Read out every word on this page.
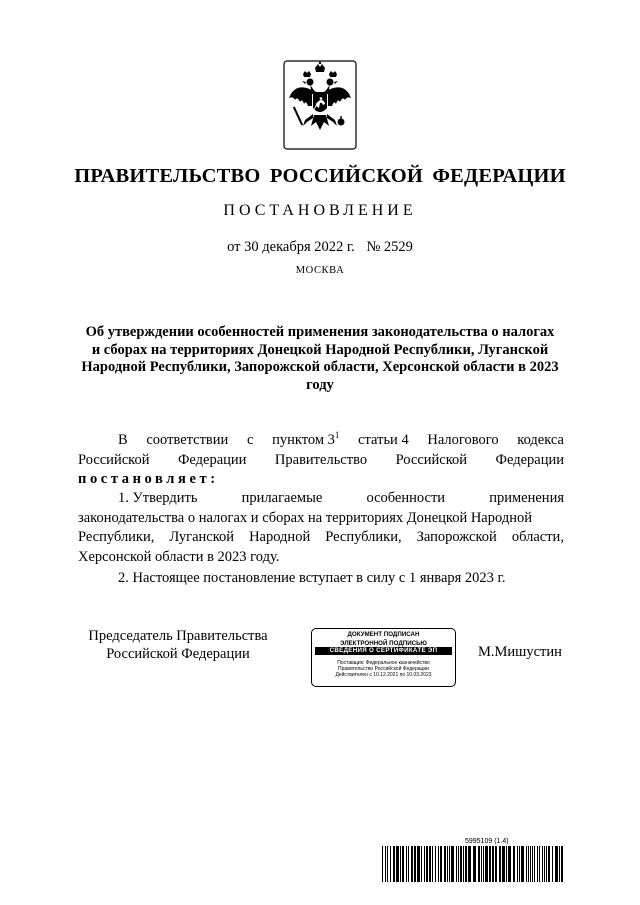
ПРАВИТЕЛЬСТВО РОССИЙСКОЙ ФЕДЕРАЦИИ
ПОСТАНОВЛЕНИЕ
от 30 декабря 2022 г. № 2529
МОСКВА
Об утверждении особенностей применения законодательства о налогах и сборах на территориях Донецкой Народной Республики, Луганской Народной Республики, Запорожской области, Херсонской области в 2023 году
В соответствии с пунктом $3^1$ статьи 4 Налогового кодекса
Российской Федерации Правительство Российской Федерации
постановляет:
1. Утвердить	прилагаемые	особенности	применения
законодательства о налогах и сборах на территориях Донецкой Народной
Республики, Луганской Народной Республики, Запорожской области,
Херсонской области в 2023 году.
2. Настоящее постановление вступает в силу с 1 января 2023 г.
Председатель Правительства
Российской Федерации
ДОКУМЕНТ ПОДПИСАН
ЭЛЕКТРОННОЙ ПОДПИСЬЮ
СВЕДЕНИЯ О СЕРТИФИКАТЕ ЭП

Поставщик: Федеральное казначейство
Правительство Российской Федерации
Действителен с 10.12.2021 по 10.03.2023
М.Мишустин
5995109 (1.4)
